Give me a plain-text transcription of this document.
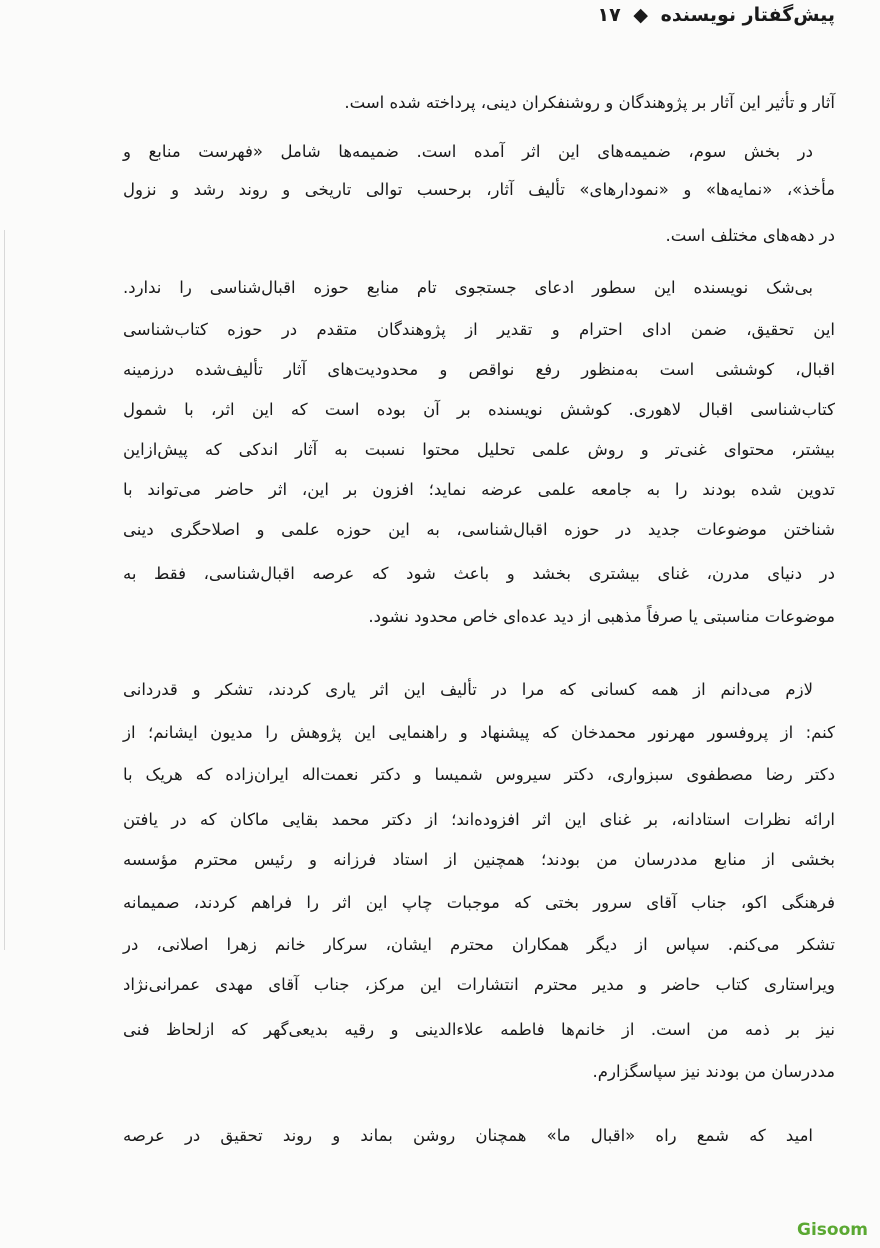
پیش‌گفتار نویسنده ◆ ۱۷
آثار و تأثیر این آثار بر پژوهندگان و روشنفکران دینی، پرداخته شده است.
در بخش سوم، ضمیمه‌های این اثر آمده است. ضمیمه‌ها شامل «فهرست منابع و
مأخذ»، «نمایه‌ها» و «نمودارهای» تألیف آثار، برحسب توالی تاریخی و روند رشد و نزول
در دهه‌های مختلف است.
بی‌شک نویسنده این سطور ادعای جستجوی تام منابع حوزه اقبال‌شناسی را ندارد.
این تحقیق، ضمن ادای احترام و تقدیر از پژوهندگان متقدم در حوزه کتاب‌شناسی
اقبال، کوششی است به‌منظور رفع نواقص و محدودیت‌های آثار تألیف‌شده درزمینه
کتاب‌شناسی اقبال لاهوری. کوشش نویسنده بر آن بوده است که این اثر، با شمول
بیشتر، محتوای غنی‌تر و روش علمی تحلیل محتوا نسبت به آثار اندکی که پیش‌ازاین
تدوین شده بودند را به جامعه علمی عرضه نماید؛ افزون بر این، اثر حاضر می‌تواند با
شناختن موضوعات جدید در حوزه اقبال‌شناسی، به این حوزه علمی و اصلاحگری دینی
در دنیای مدرن، غنای بیشتری بخشد و باعث شود که عرصه اقبال‌شناسی، فقط به
موضوعات مناسبتی یا صرفاً مذهبی از دید عده‌ای خاص محدود نشود.
لازم می‌دانم از همه کسانی که مرا در تألیف این اثر یاری کردند، تشکر و قدردانی
کنم: از پروفسور مهرنور محمدخان که پیشنهاد و راهنمایی این پژوهش را مدیون ایشانم؛ از
دکتر رضا مصطفوی سبزواری، دکتر سیروس شمیسا و دکتر نعمت‌اله ایران‌زاده که هریک با
ارائه نظرات استادانه، بر غنای این اثر افزوده‌اند؛ از دکتر محمد بقایی ماکان که در یافتن
بخشی از منابع مددرسان من بودند؛ همچنین از استاد فرزانه و رئیس محترم مؤسسه
فرهنگی اکو، جناب آقای سرور بختی که موجبات چاپ این اثر را فراهم کردند، صمیمانه
تشکر می‌کنم. سپاس از دیگر همکاران محترم ایشان، سرکار خانم زهرا اصلانی، در
ویراستاری کتاب حاضر و مدیر محترم انتشارات این مرکز، جناب آقای مهدی عمرانی‌نژاد
نیز بر ذمه من است. از خانم‌ها فاطمه علاءالدینی و رقیه بدیعی‌گهر که ازلحاظ فنی
مددرسان من بودند نیز سپاسگزارم.
امید که شمع راه «اقبال ما» همچنان روشن بماند و روند تحقیق در عرصه
Gisoom
